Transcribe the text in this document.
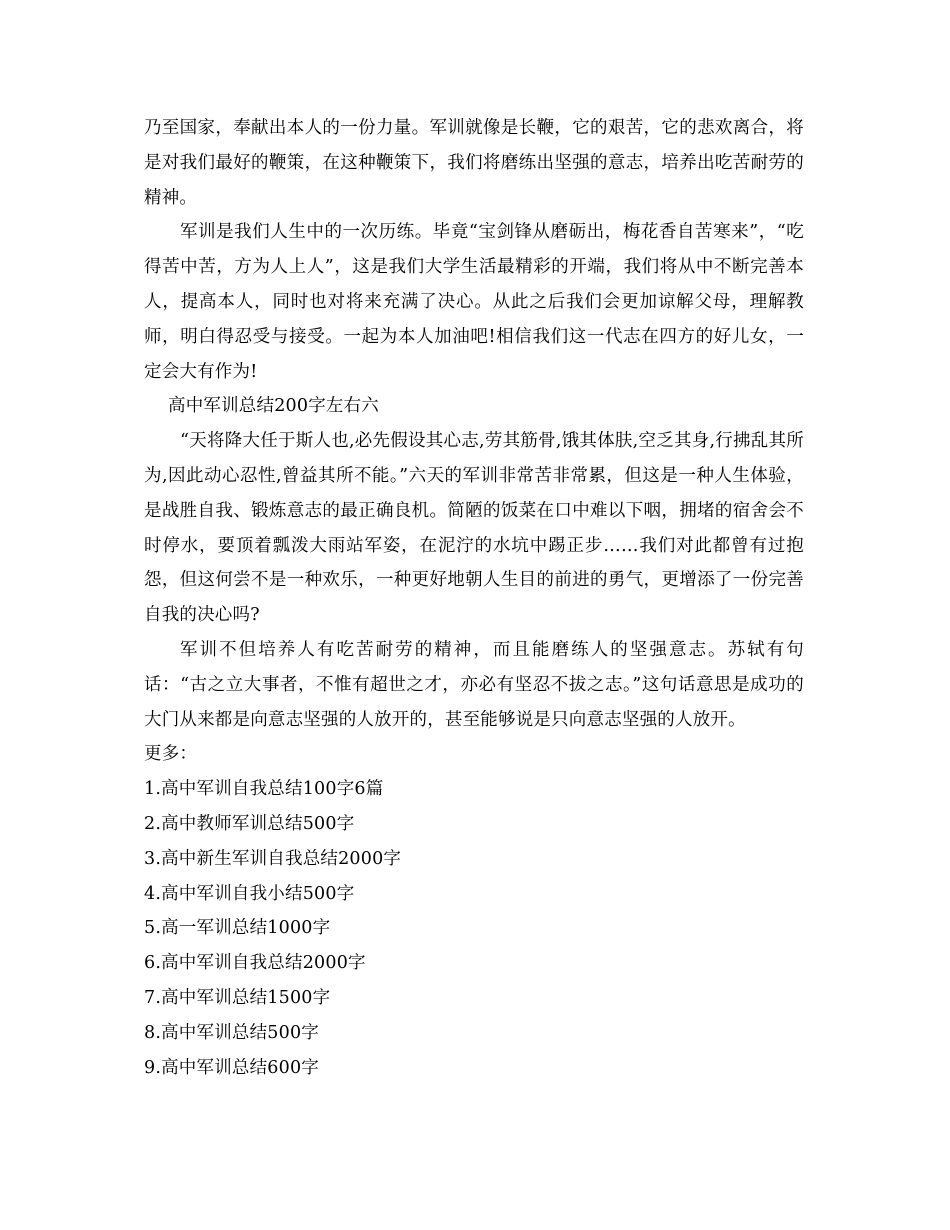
乃至国家，奉献出本人的一份力量。军训就像是长鞭，它的艰苦，它的悲欢离合，将是对我们最好的鞭策，在这种鞭策下，我们将磨练出坚强的意志，培养出吃苦耐劳的精神。

军训是我们人生中的一次历练。毕竟“宝剑锋从磨砺出，梅花香自苦寒来”，“吃得苦中苦，方为人上人”，这是我们大学生活最精彩的开端，我们将从中不断完善本人，提高本人，同时也对将来充满了决心。从此之后我们会更加谅解父母，理解教师，明白得忍受与接受。一起为本人加油吧!相信我们这一代志在四方的好儿女，一定会大有作为!

高中军训总结200字左右六

“天将降大任于斯人也,必先假设其心志,劳其筋骨,饿其体肤,空乏其身,行拂乱其所为,因此动心忍性,曾益其所不能。”六天的军训非常苦非常累，但这是一种人生体验，是战胜自我、锻炼意志的最正确良机。简陋的饭菜在口中难以下咽，拥堵的宿舍会不时停水，要顶着瓢泼大雨站军姿，在泥泞的水坑中踢正步……我们对此都曾有过抱怨，但这何尝不是一种欢乐，一种更好地朝人生目的前进的勇气，更增添了一份完善自我的决心吗?

军训不但培养人有吃苦耐劳的精神，而且能磨练人的坚强意志。苏轼有句话：“古之立大事者，不惟有超世之才，亦必有坚忍不拔之志。”这句话意思是成功的大门从来都是向意志坚强的人放开的，甚至能够说是只向意志坚强的人放开。

更多：

1.高中军训自我总结100字6篇
2.高中教师军训总结500字
3.高中新生军训自我总结2000字
4.高中军训自我小结500字
5.高一军训总结1000字
6.高中军训自我总结2000字
7.高中军训总结1500字
8.高中军训总结500字
9.高中军训总结600字
